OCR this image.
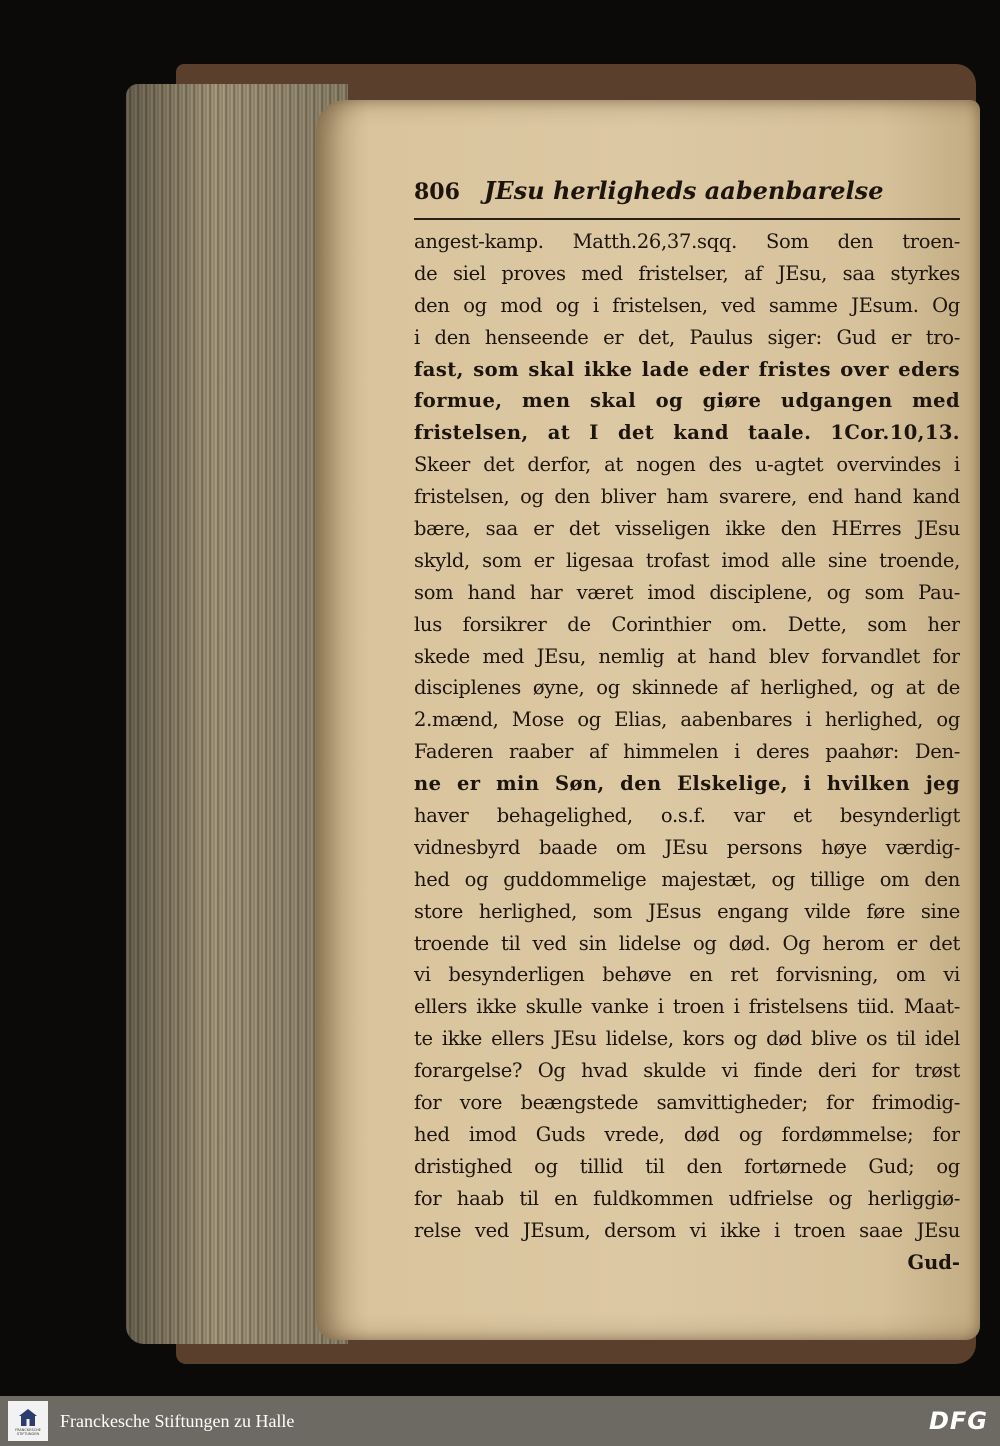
806	JEsu herligheds aabenbarelse
angest-kamp. Matth.26,37.sqq. Som den troen-
de siel proves med fristelser, af JEsu, saa styrkes
den og mod og i fristelsen, ved samme JEsum. Og
i den henseende er det, Paulus siger: Gud er tro-
fast, som skal ikke lade eder fristes over eders
formue, men skal og giøre udgangen med
fristelsen, at I det kand taale. 1Cor.10,13.
Skeer det derfor, at nogen des u-agtet overvindes i
fristelsen, og den bliver ham svarere, end hand kand
bære, saa er det visseligen ikke den HErres JEsu
skyld, som er ligesaa trofast imod alle sine troende,
som hand har været imod disciplene, og som Pau-
lus forsikrer de Corinthier om. Dette, som her
skede med JEsu, nemlig at hand blev forvandlet for
disciplenes øyne, og skinnede af herlighed, og at de
2.mænd, Mose og Elias, aabenbares i herlighed, og
Faderen raaber af himmelen i deres paahør: Den-
ne er min Søn, den Elskelige, i hvilken jeg
haver behagelighed, o.s.f. var et besynderligt
vidnesbyrd baade om JEsu persons høye værdig-
hed og guddommelige majestæt, og tillige om den
store herlighed, som JEsus engang vilde føre sine
troende til ved sin lidelse og død. Og herom er det
vi besynderligen behøve en ret forvisning, om vi
ellers ikke skulle vanke i troen i fristelsens tiid. Maat-
te ikke ellers JEsu lidelse, kors og død blive os til idel
forargelse? Og hvad skulde vi finde deri for trøst
for vore beængstede samvittigheder; for frimodig-
hed imod Guds vrede, død og fordømmelse; for
dristighed og tillid til den fortørnede Gud; og
for haab til en fuldkommen udfrielse og herliggiø-
relse ved JEsum, dersom vi ikke i troen saae JEsu
Gud-
FRANCKESCHE STIFTUNGEN
Franckesche Stiftungen zu Halle	DFG
